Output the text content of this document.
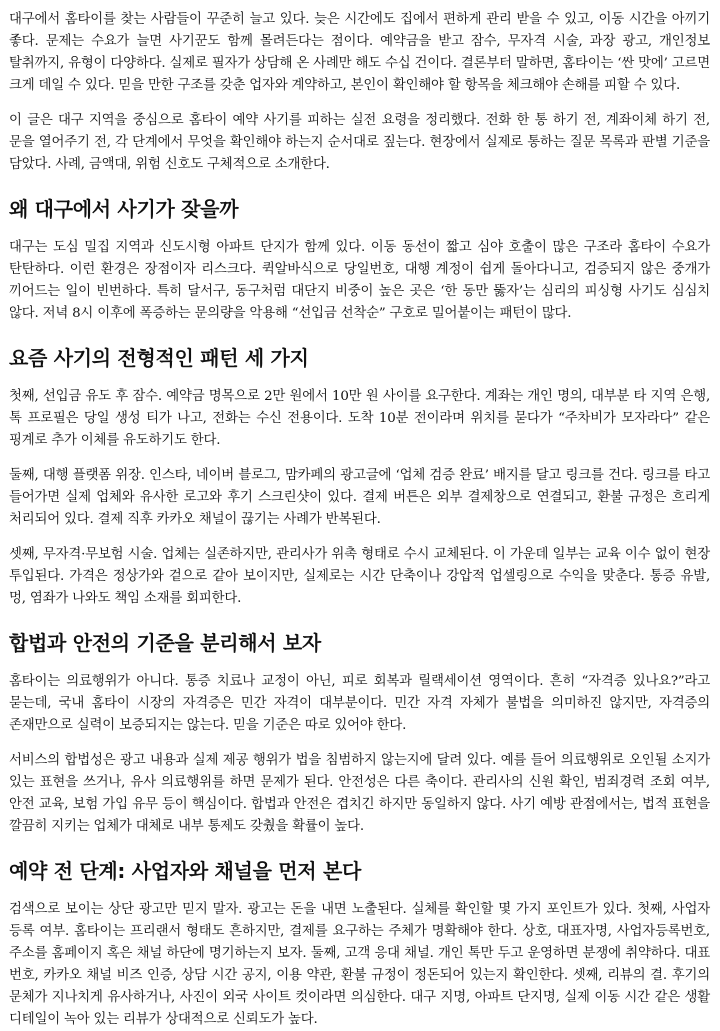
대구에서 홈타이를 찾는 사람들이 꾸준히 늘고 있다. 늦은 시간에도 집에서 편하게 관리 받을 수 있고, 이동 시간을 아끼기 좋다. 문제는 수요가 늘면 사기꾼도 함께 몰려든다는 점이다. 예약금을 받고 잠수, 무자격 시술, 과장 광고, 개인정보 탈취까지, 유형이 다양하다. 실제로 필자가 상담해 온 사례만 해도 수십 건이다. 결론부터 말하면, 홈타이는 ‘싼 맛에’ 고르면 크게 데일 수 있다. 믿을 만한 구조를 갖춘 업자와 계약하고, 본인이 확인해야 할 항목을 체크해야 손해를 피할 수 있다.

이 글은 대구 지역을 중심으로 홈타이 예약 사기를 피하는 실전 요령을 정리했다. 전화 한 통 하기 전, 계좌이체 하기 전, 문을 열어주기 전, 각 단계에서 무엇을 확인해야 하는지 순서대로 짚는다. 현장에서 실제로 통하는 질문 목록과 판별 기준을 담았다. 사례, 금액대, 위험 신호도 구체적으로 소개한다.

왜 대구에서 사기가 잦을까

대구는 도심 밀집 지역과 신도시형 아파트 단지가 함께 있다. 이동 동선이 짧고 심야 호출이 많은 구조라 홈타이 수요가 탄탄하다. 이런 환경은 장점이자 리스크다. 퀵알바식으로 당일번호, 대행 계정이 쉽게 돌아다니고, 검증되지 않은 중개가 끼어드는 일이 빈번하다. 특히 달서구, 동구처럼 대단지 비중이 높은 곳은 ‘한 동만 뚫자’는 심리의 피싱형 사기도 심심치 않다. 저녁 8시 이후에 폭증하는 문의량을 악용해 “선입금 선착순” 구호로 밀어붙이는 패턴이 많다.

요즘 사기의 전형적인 패턴 세 가지

첫째, 선입금 유도 후 잠수. 예약금 명목으로 2만 원에서 10만 원 사이를 요구한다. 계좌는 개인 명의, 대부분 타 지역 은행, 톡 프로필은 당일 생성 티가 나고, 전화는 수신 전용이다. 도착 10분 전이라며 위치를 묻다가 “주차비가 모자라다” 같은 핑계로 추가 이체를 유도하기도 한다.

둘째, 대행 플랫폼 위장. 인스타, 네이버 블로그, 맘카페의 광고글에 ‘업체 검증 완료’ 배지를 달고 링크를 건다. 링크를 타고 들어가면 실제 업체와 유사한 로고와 후기 스크린샷이 있다. 결제 버튼은 외부 결제창으로 연결되고, 환불 규정은 흐리게 처리되어 있다. 결제 직후 카카오 채널이 끊기는 사례가 반복된다.

셋째, 무자격·무보험 시술. 업체는 실존하지만, 관리사가 위촉 형태로 수시 교체된다. 이 가운데 일부는 교육 이수 없이 현장 투입된다. 가격은 정상가와 겉으로 같아 보이지만, 실제로는 시간 단축이나 강압적 업셀링으로 수익을 맞춘다. 통증 유발, 멍, 염좌가 나와도 책임 소재를 회피한다.

합법과 안전의 기준을 분리해서 보자

홈타이는 의료행위가 아니다. 통증 치료나 교정이 아닌, 피로 회복과 릴랙세이션 영역이다. 흔히 “자격증 있나요?”라고 묻는데, 국내 홈타이 시장의 자격증은 민간 자격이 대부분이다. 민간 자격 자체가 불법을 의미하진 않지만, 자격증의 존재만으로 실력이 보증되지는 않는다. 믿을 기준은 따로 있어야 한다.

서비스의 합법성은 광고 내용과 실제 제공 행위가 법을 침범하지 않는지에 달려 있다. 예를 들어 의료행위로 오인될 소지가 있는 표현을 쓰거나, 유사 의료행위를 하면 문제가 된다. 안전성은 다른 축이다. 관리사의 신원 확인, 범죄경력 조회 여부, 안전 교육, 보험 가입 유무 등이 핵심이다. 합법과 안전은 겹치긴 하지만 동일하지 않다. 사기 예방 관점에서는, 법적 표현을 깔끔히 지키는 업체가 대체로 내부 통제도 갖췄을 확률이 높다.

예약 전 단계: 사업자와 채널을 먼저 본다

검색으로 보이는 상단 광고만 믿지 말자. 광고는 돈을 내면 노출된다. 실체를 확인할 몇 가지 포인트가 있다. 첫째, 사업자 등록 여부. 홈타이는 프리랜서 형태도 흔하지만, 결제를 요구하는 주체가 명확해야 한다. 상호, 대표자명, 사업자등록번호, 주소를 홈페이지 혹은 채널 하단에 명기하는지 보자. 둘째, 고객 응대 채널. 개인 톡만 두고 운영하면 분쟁에 취약하다. 대표 번호, 카카오 채널 비즈 인증, 상담 시간 공지, 이용 약관, 환불 규정이 정돈되어 있는지 확인한다. 셋째, 리뷰의 결. 후기의 문체가 지나치게 유사하거나, 사진이 외국 사이트 컷이라면 의심한다. 대구 지명, 아파트 단지명, 실제 이동 시간 같은 생활 디테일이 녹아 있는 리뷰가 상대적으로 신뢰도가 높다.
